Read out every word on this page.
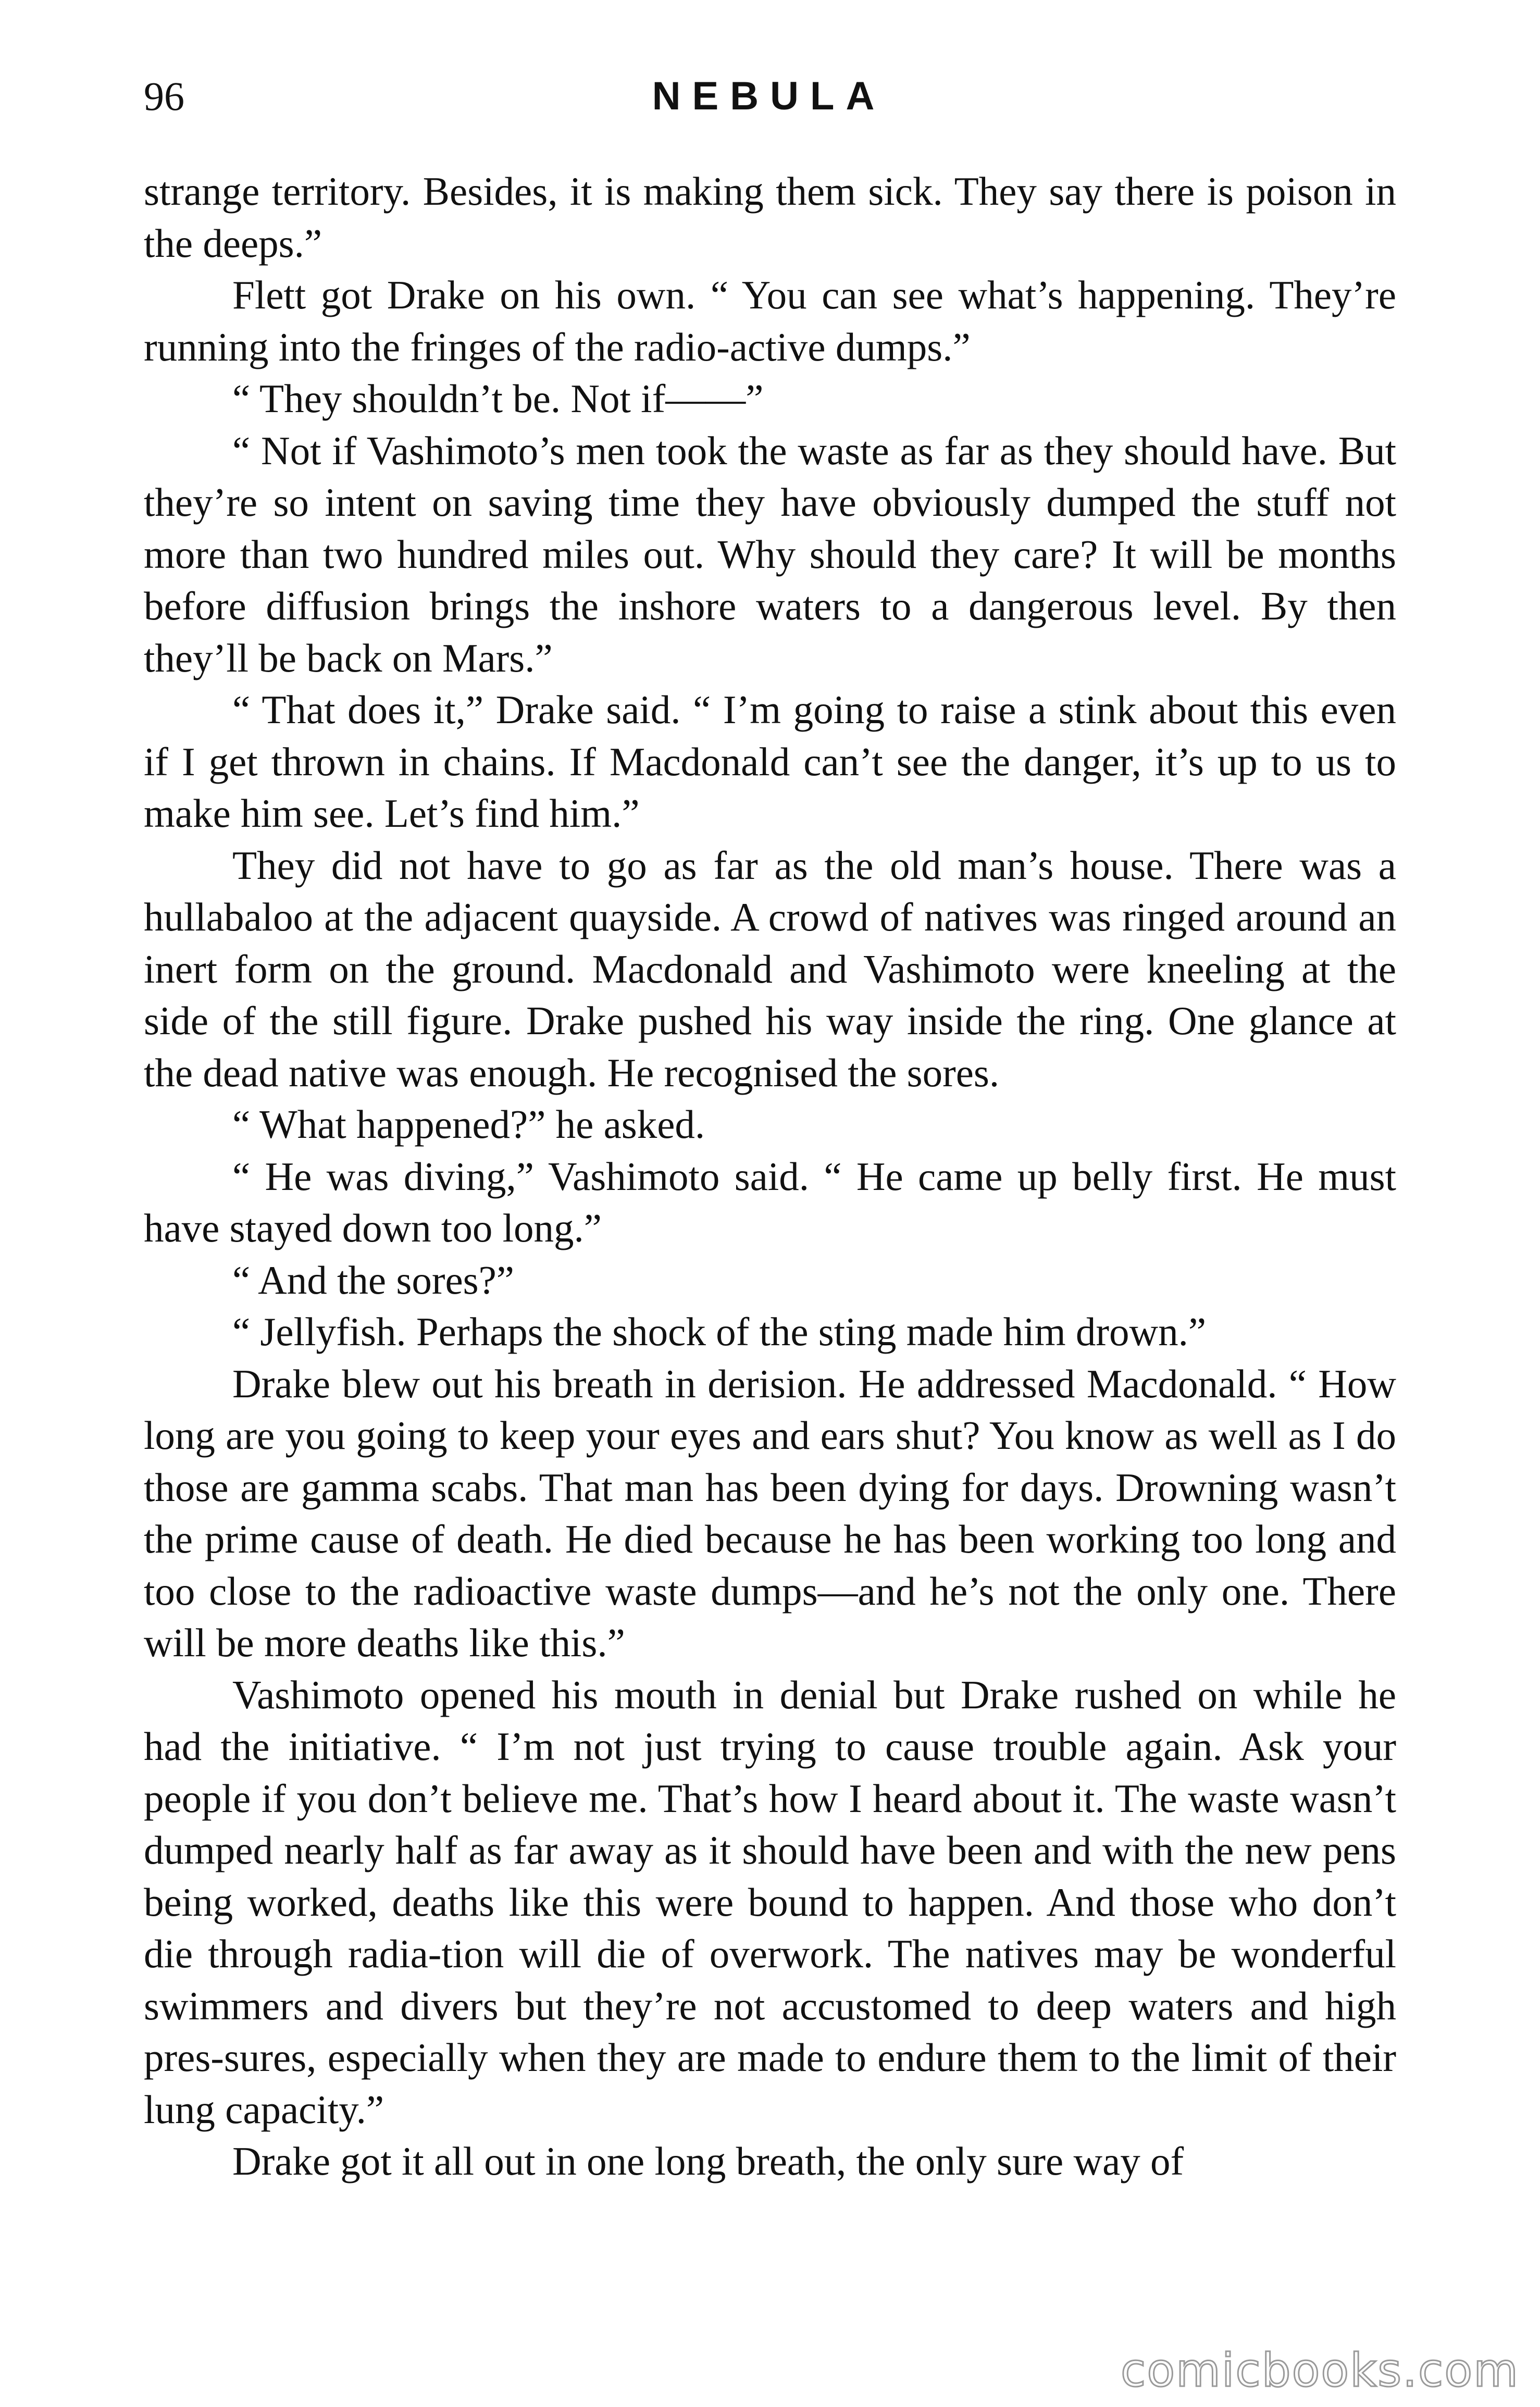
96	NEBULA

strange territory. Besides, it is making them sick. They say there is poison in the deeps.”

Flett got Drake on his own. “ You can see what’s happening. They’re running into the fringes of the radio-active dumps.”

“ They shouldn’t be. Not if——”

“ Not if Vashimoto’s men took the waste as far as they should have. But they’re so intent on saving time they have obviously dumped the stuff not more than two hundred miles out. Why should they care? It will be months before diffusion brings the inshore waters to a dangerous level. By then they’ll be back on Mars.”

“ That does it,” Drake said. “ I’m going to raise a stink about this even if I get thrown in chains. If Macdonald can’t see the danger, it’s up to us to make him see. Let’s find him.”

They did not have to go as far as the old man’s house. There was a hullabaloo at the adjacent quayside. A crowd of natives was ringed around an inert form on the ground. Macdonald and Vashimoto were kneeling at the side of the still figure. Drake pushed his way inside the ring. One glance at the dead native was enough. He recognised the sores.

“ What happened?” he asked.

“ He was diving,” Vashimoto said. “ He came up belly first. He must have stayed down too long.”

“ And the sores?”

“ Jellyfish. Perhaps the shock of the sting made him drown.”

Drake blew out his breath in derision. He addressed Macdonald. “ How long are you going to keep your eyes and ears shut? You know as well as I do those are gamma scabs. That man has been dying for days. Drowning wasn’t the prime cause of death. He died because he has been working too long and too close to the radioactive waste dumps—and he’s not the only one. There will be more deaths like this.”

Vashimoto opened his mouth in denial but Drake rushed on while he had the initiative. “ I’m not just trying to cause trouble again. Ask your people if you don’t believe me. That’s how I heard about it. The waste wasn’t dumped nearly half as far away as it should have been and with the new pens being worked, deaths like this were bound to happen. And those who don’t die through radia-tion will die of overwork. The natives may be wonderful swimmers and divers but they’re not accustomed to deep waters and high pres-sures, especially when they are made to endure them to the limit of their lung capacity.”

Drake got it all out in one long breath, the only sure way of

comicbooks.com
